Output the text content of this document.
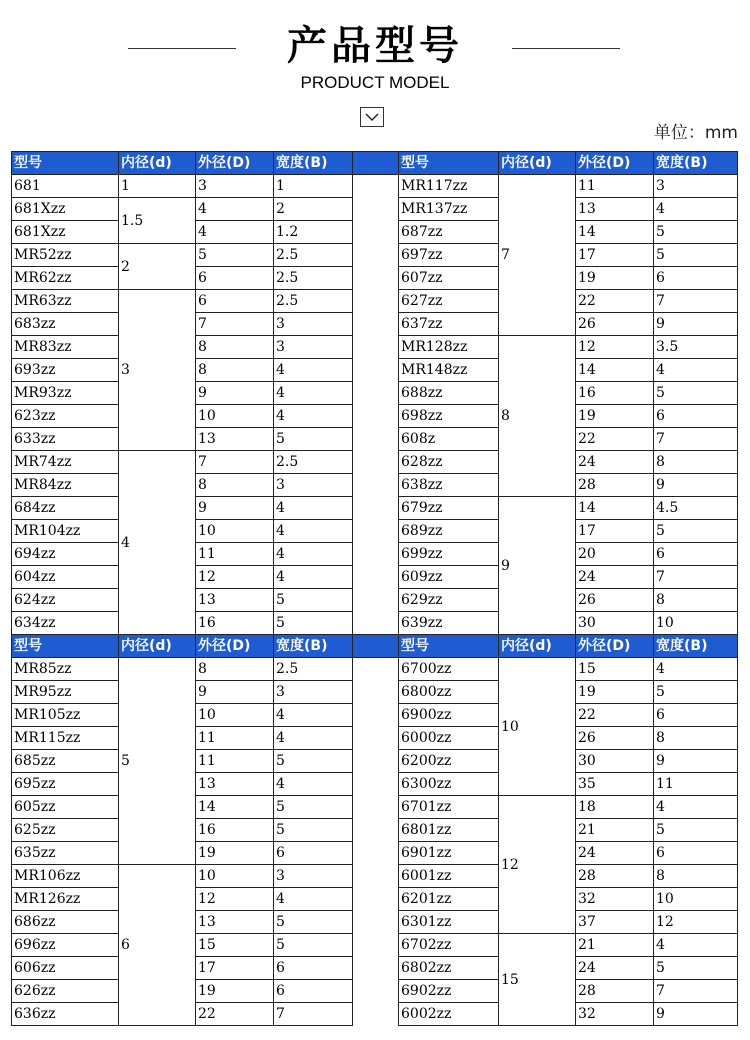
产品型号
PRODUCT MODEL
单位：mm
型号	内径(d)	外径(D)	宽度(B)		型号	内径(d)	外径(D)	宽度(B)
681	1	3	1		MR117zz	7	11	3
681Xzz	1.5	4	2		MR137zz		13	4
681Xzz		4	1.2		687zz		14	5
MR52zz	2	5	2.5		697zz		17	5
MR62zz		6	2.5		607zz		19	6
MR63zz	3	6	2.5		627zz		22	7
683zz		7	3		637zz		26	9
MR83zz		8	3		MR128zz	8	12	3.5
693zz		8	4		MR148zz		14	4
MR93zz		9	4		688zz		16	5
623zz		10	4		698zz		19	6
633zz		13	5		608z		22	7
MR74zz	4	7	2.5		628zz		24	8
MR84zz		8	3		638zz		28	9
684zz		9	4		679zz	9	14	4.5
MR104zz		10	4		689zz		17	5
694zz		11	4		699zz		20	6
604zz		12	4		609zz		24	7
624zz		13	5		629zz		26	8
634zz		16	5		639zz		30	10
型号	内径(d)	外径(D)	宽度(B)		型号	内径(d)	外径(D)	宽度(B)
MR85zz	5	8	2.5		6700zz	10	15	4
MR95zz		9	3		6800zz		19	5
MR105zz		10	4		6900zz		22	6
MR115zz		11	4		6000zz		26	8
685zz		11	5		6200zz		30	9
695zz		13	4		6300zz		35	11
605zz		14	5		6701zz	12	18	4
625zz		16	5		6801zz		21	5
635zz		19	6		6901zz		24	6
MR106zz	6	10	3		6001zz		28	8
MR126zz		12	4		6201zz		32	10
686zz		13	5		6301zz		37	12
696zz		15	5		6702zz	15	21	4
606zz		17	6		6802zz		24	5
626zz		19	6		6902zz		28	7
636zz		22	7		6002zz		32	9
